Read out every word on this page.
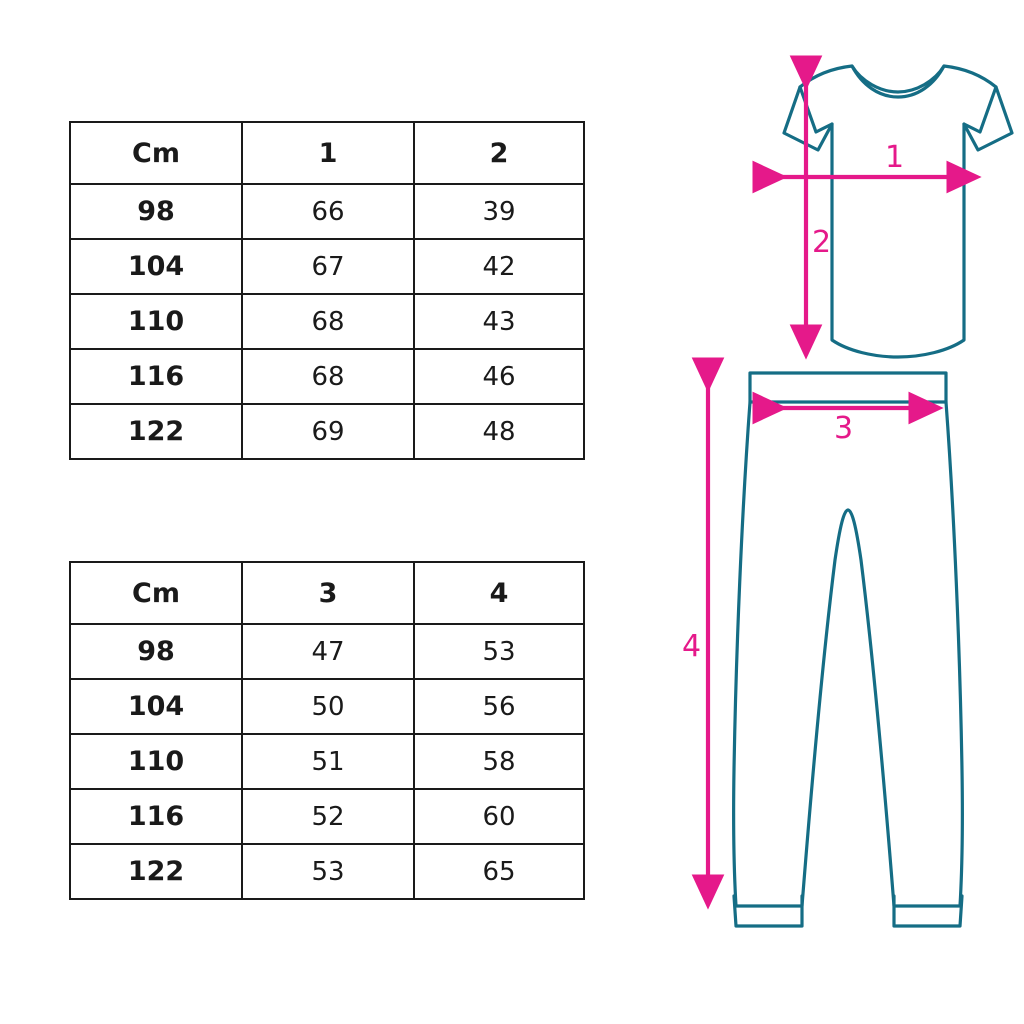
Cm	1	2
98	66	39
104	67	42
110	68	43
116	68	46
122	69	48
Cm	3	4
98	47	53
104	50	56
110	51	58
116	52	60
122	53	65
1
2
3
4
